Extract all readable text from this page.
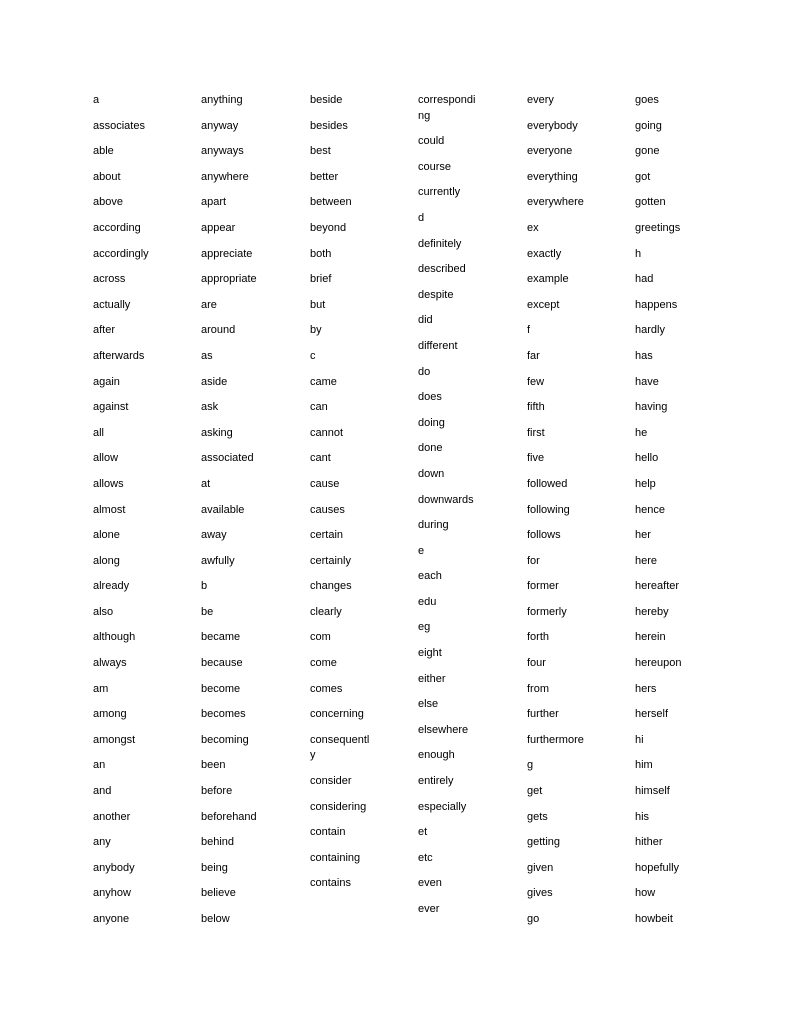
a
associates
able
about
above
according
accordingly
across
actually
after
afterwards
again
against
all
allow
allows
almost
alone
along
already
also
although
always
am
among
amongst
an
and
another
any
anybody
anyhow
anyone
anything
anyway
anyways
anywhere
apart
appear
appreciate
appropriate
are
around
as
aside
ask
asking
associated
at
available
away
awfully
b
be
became
because
become
becomes
becoming
been
before
beforehand
behind
being
believe
below
beside
besides
best
better
between
beyond
both
brief
but
by
c
came
can
cannot
cant
cause
causes
certain
certainly
changes
clearly
com
come
comes
concerning
consequently
consider
considering
contain
containing
contains
corresponding
could
course
currently
d
definitely
described
despite
did
different
do
does
doing
done
down
downwards
during
e
each
edu
eg
eight
either
else
elsewhere
enough
entirely
especially
et
etc
even
ever
every
everybody
everyone
everything
everywhere
ex
exactly
example
except
f
far
few
fifth
first
five
followed
following
follows
for
former
formerly
forth
four
from
further
furthermore
g
get
gets
getting
given
gives
go
goes
going
gone
got
gotten
greetings
h
had
happens
hardly
has
have
having
he
hello
help
hence
her
here
hereafter
hereby
herein
hereupon
hers
herself
hi
him
himself
his
hither
hopefully
how
howbeit
